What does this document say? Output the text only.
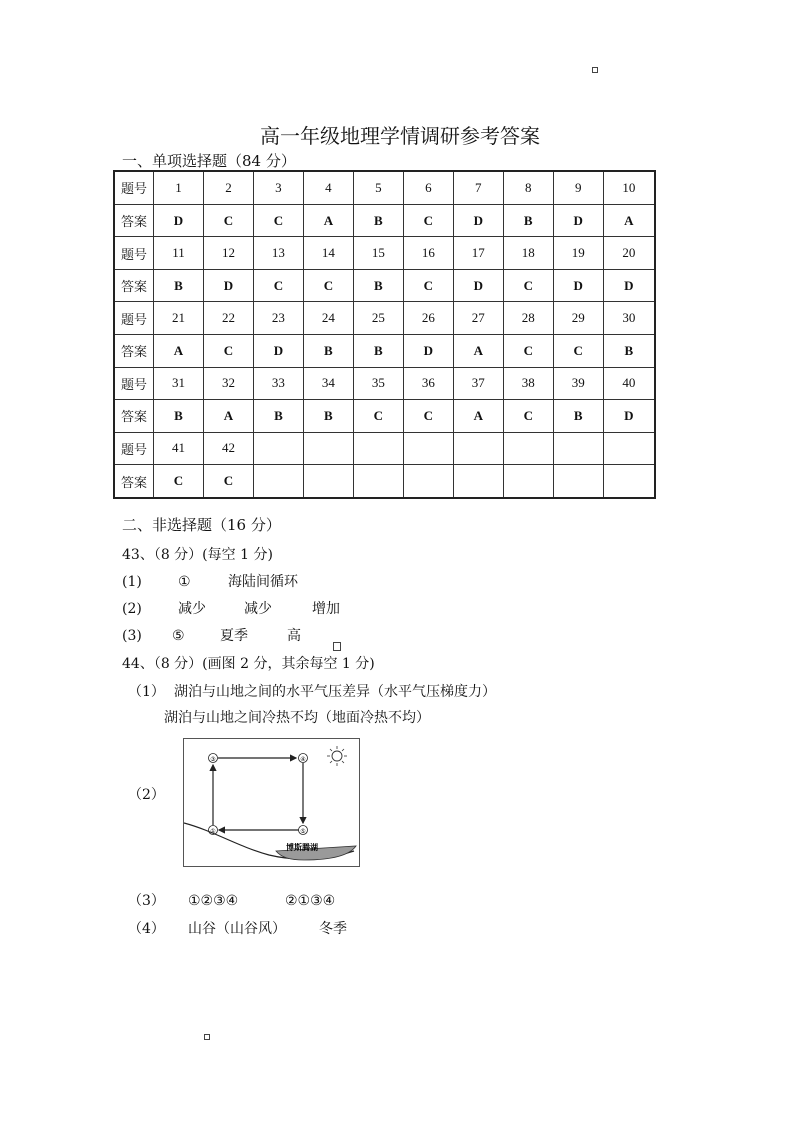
高一年级地理学情调研参考答案
一、单项选择题（84 分）
题号	1	2	3	4	5	6	7	8	9	10
答案	D	C	C	A	B	C	D	B	D	A
题号	11	12	13	14	15	16	17	18	19	20
答案	B	D	C	C	B	C	D	C	D	D
题号	21	22	23	24	25	26	27	28	29	30
答案	A	C	D	B	B	D	A	C	C	B
题号	31	32	33	34	35	36	37	38	39	40
答案	B	A	B	B	C	C	A	C	B	D
题号	41	42								
答案	C	C								
二、非选择题（16 分）
43、（8 分）(每空 1 分)
(1)	①	海陆间循环
(2)	减少	减少	增加
(3) ⑤	夏季	高
44、（8 分）(画图 2 分，其余每空 1 分)
（1） 湖泊与山地之间的水平气压差异（水平气压梯度力）
湖泊与山地之间冷热不均（地面冷热不均）
（2）
③	④
①	⑤
博斯腾湖
（3） ①②③④	②①③④
（4） 山谷（山谷风） 冬季
